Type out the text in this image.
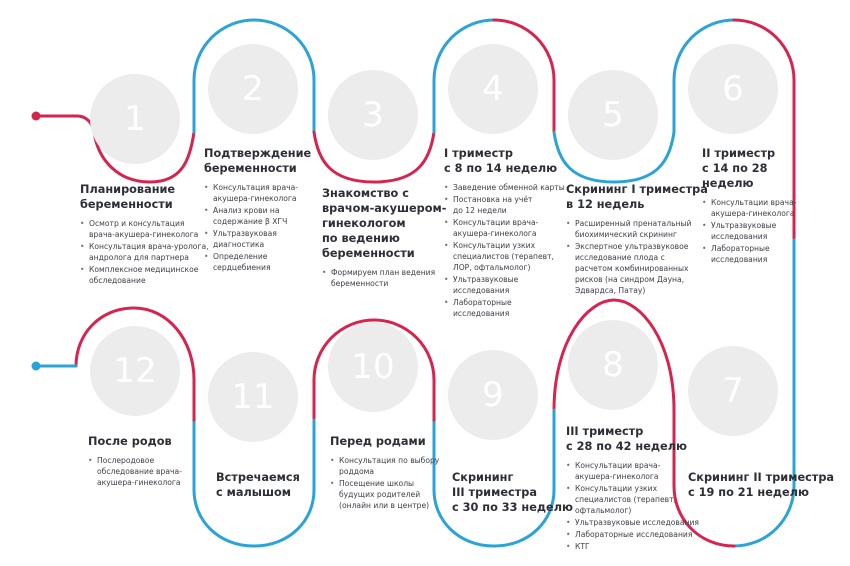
1
2
3
4
5
6
7
8
9
10
11
12
Планирование
беременности
• Осмотр и консультация
врача-акушера-гинеколога
• Консультация врача-уролога,
андролога для партнера
• Комплексное медицинское
обследование
Подтверждение
беременности
• Консультация врача-
акушера-гинеколога
• Анализ крови на
содержание β ХГЧ
• Ультразвуковая
диагностика
• Определение
сердцебиения
Знакомство с
врачом-акушером-
гинекологом
по ведению
беременности
• Формируем план ведения
беременности
I триместр
с 8 по 14 неделю
• Заведение обменной карты
• Постановка на учёт
до 12 недели
• Консультации врача-
акушера-гинеколога
• Консультации узких
специалистов (терапевт,
ЛОР, офтальмолог)
• Ультразвуковые
исследования
• Лабораторные
исследования
Скрининг I триместра
в 12 недель
• Расширенный пренатальный
биохимический скрининг
• Экспертное ультразвуковое
исследование плода с
расчетом комбинированных
рисков (на синдром Дауна,
Эдвардса, Патау)
II триместр
с 14 по 28
неделю
• Консультации врача-
акушера-гинеколога
• Ультразвуковые
исследования
• Лабораторные
исследования
Скрининг II триместра
с 19 по 21 неделю
III триместр
с 28 по 42 неделю
• Консультации врача-
акушера-гинеколога
• Консультации узких
специалистов (терапевт,
офтальмолог)
• Ультразвуковые исследования
• Лабораторные исследования
• КТГ
Скрининг
III триместра
с 30 по 33 неделю
Перед родами
• Консультация по выбору
роддома
• Посещение школы
будущих родителей
(онлайн или в центре)
Встречаемся
с малышом
После родов
• Послеродовое
обследование врача-
акушера-гинеколога
